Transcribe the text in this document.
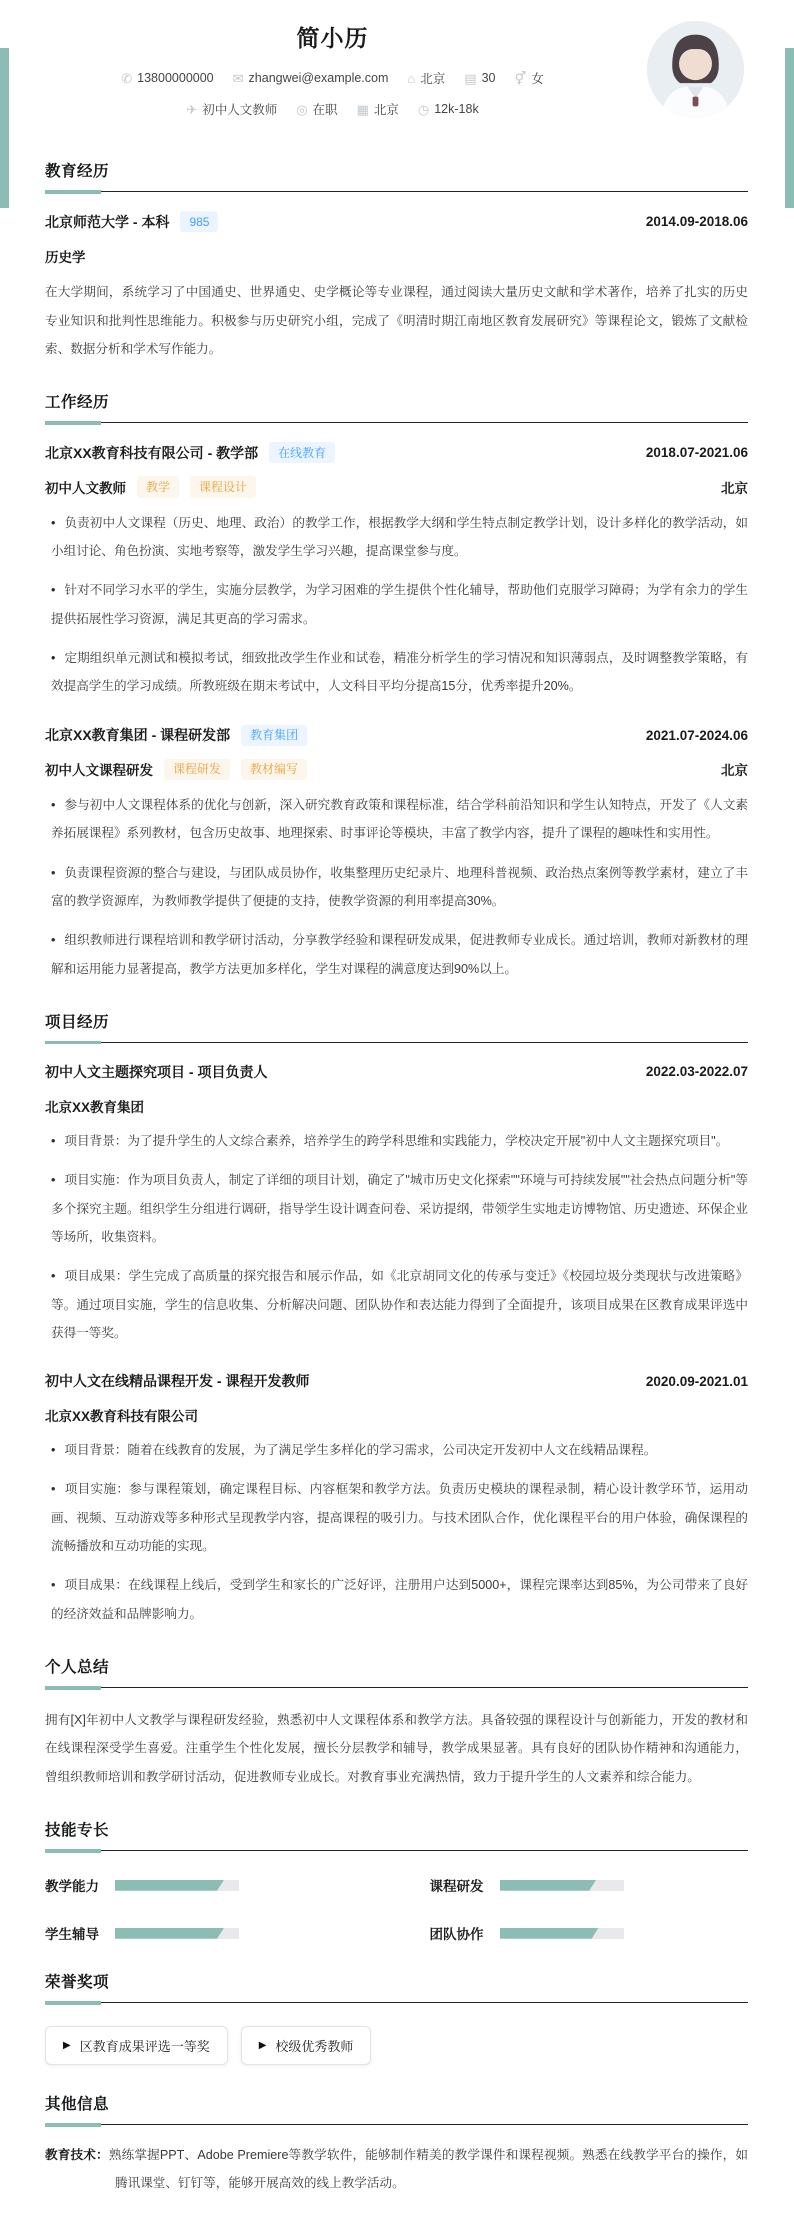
简小历
✆ 13800000000 ✉ zhangwei@example.com ⌂ 北京 ▤ 30 ⚥ 女
✈ 初中人文教师 ◎ 在职 ▦ 北京 ◷ 12k-18k
教育经历
北京师范大学 - 本科	985	2014.09-2018.06
历史学
在大学期间，系统学习了中国通史、世界通史、史学概论等专业课程，通过阅读大量历史文献和学术著作，培养了扎实的历史专业知识和批判性思维能力。积极参与历史研究小组，完成了《明清时期江南地区教育发展研究》等课程论文，锻炼了文献检索、数据分析和学术写作能力。
工作经历
北京XX教育科技有限公司 - 教学部	在线教育	2018.07-2021.06
初中人文教师	教学	课程设计	北京
• 负责初中人文课程（历史、地理、政治）的教学工作，根据教学大纲和学生特点制定教学计划，设计多样化的教学活动，如小组讨论、角色扮演、实地考察等，激发学生学习兴趣，提高课堂参与度。
• 针对不同学习水平的学生，实施分层教学，为学习困难的学生提供个性化辅导，帮助他们克服学习障碍；为学有余力的学生提供拓展性学习资源，满足其更高的学习需求。
• 定期组织单元测试和模拟考试，细致批改学生作业和试卷，精准分析学生的学习情况和知识薄弱点，及时调整教学策略，有效提高学生的学习成绩。所教班级在期末考试中，人文科目平均分提高15分，优秀率提升20%。
北京XX教育集团 - 课程研发部	教育集团	2021.07-2024.06
初中人文课程研发	课程研发	教材编写	北京
• 参与初中人文课程体系的优化与创新，深入研究教育政策和课程标准，结合学科前沿知识和学生认知特点，开发了《人文素养拓展课程》系列教材，包含历史故事、地理探索、时事评论等模块，丰富了教学内容，提升了课程的趣味性和实用性。
• 负责课程资源的整合与建设，与团队成员协作，收集整理历史纪录片、地理科普视频、政治热点案例等教学素材，建立了丰富的教学资源库，为教师教学提供了便捷的支持，使教学资源的利用率提高30%。
• 组织教师进行课程培训和教学研讨活动，分享教学经验和课程研发成果，促进教师专业成长。通过培训，教师对新教材的理解和运用能力显著提高，教学方法更加多样化，学生对课程的满意度达到90%以上。
项目经历
初中人文主题探究项目 - 项目负责人	2022.03-2022.07
北京XX教育集团
• 项目背景：为了提升学生的人文综合素养，培养学生的跨学科思维和实践能力，学校决定开展"初中人文主题探究项目"。
• 项目实施：作为项目负责人，制定了详细的项目计划，确定了"城市历史文化探索""环境与可持续发展""社会热点问题分析"等多个探究主题。组织学生分组进行调研，指导学生设计调查问卷、采访提纲，带领学生实地走访博物馆、历史遗迹、环保企业等场所，收集资料。
• 项目成果：学生完成了高质量的探究报告和展示作品，如《北京胡同文化的传承与变迁》《校园垃圾分类现状与改进策略》等。通过项目实施，学生的信息收集、分析解决问题、团队协作和表达能力得到了全面提升，该项目成果在区教育成果评选中获得一等奖。
初中人文在线精品课程开发 - 课程开发教师	2020.09-2021.01
北京XX教育科技有限公司
• 项目背景：随着在线教育的发展，为了满足学生多样化的学习需求，公司决定开发初中人文在线精品课程。
• 项目实施：参与课程策划，确定课程目标、内容框架和教学方法。负责历史模块的课程录制，精心设计教学环节，运用动画、视频、互动游戏等多种形式呈现教学内容，提高课程的吸引力。与技术团队合作，优化课程平台的用户体验，确保课程的流畅播放和互动功能的实现。
• 项目成果：在线课程上线后，受到学生和家长的广泛好评，注册用户达到5000+，课程完课率达到85%，为公司带来了良好的经济效益和品牌影响力。
个人总结
拥有[X]年初中人文教学与课程研发经验，熟悉初中人文课程体系和教学方法。具备较强的课程设计与创新能力，开发的教材和在线课程深受学生喜爱。注重学生个性化发展，擅长分层教学和辅导，教学成果显著。具有良好的团队协作精神和沟通能力，曾组织教师培训和教学研讨活动，促进教师专业成长。对教育事业充满热情，致力于提升学生的人文素养和综合能力。
技能专长
教学能力	课程研发
学生辅导	团队协作
荣誉奖项
▶ 区教育成果评选一等奖	▶ 校级优秀教师
其他信息
教育技术：熟练掌握PPT、Adobe Premiere等教学软件，能够制作精美的教学课件和课程视频。熟悉在线教学平台的操作，如腾讯课堂、钉钉等，能够开展高效的线上教学活动。
